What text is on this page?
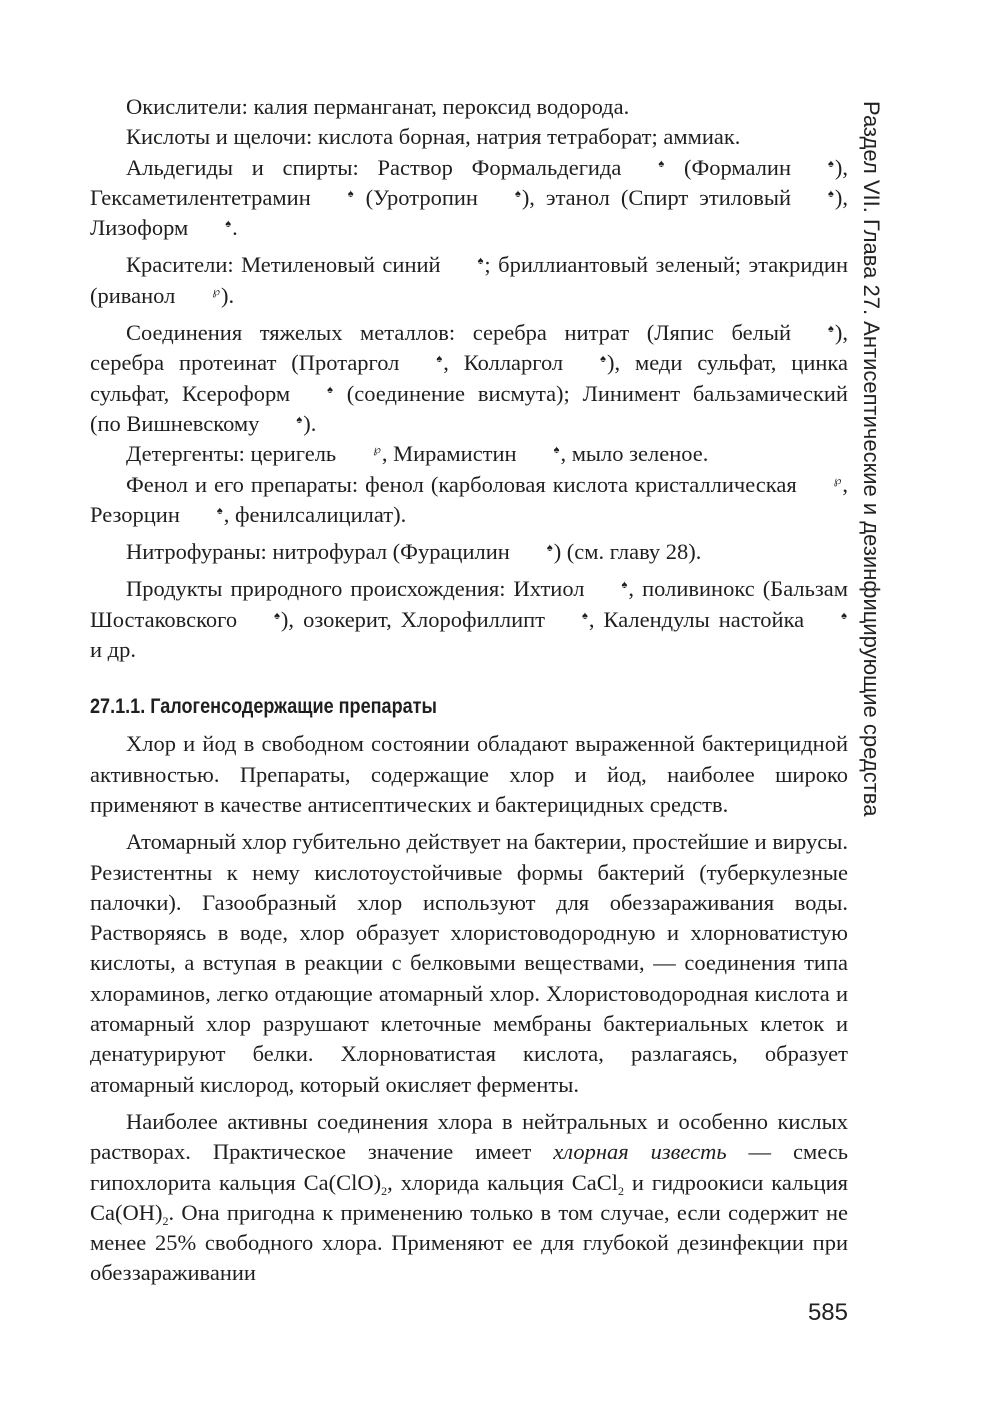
Окислители: калия перманганат, пероксид водорода.

Кислоты и щелочи: кислота борная, натрия тетраборат; аммиак.

Альдегиды и спирты: Раствор Формальдегида	♠ (Формалин	♠), Гексаметилентетрамин	♠ (Уротропин	♠), этанол (Спирт этиловый	♠), Лизоформ	♠.

Красители: Метиленовый синий	♠; бриллиантовый зеленый; этакридин (риванол	℘).

Соединения тяжелых металлов: серебра нитрат (Ляпис белый	♠), серебра протеинат (Протаргол	♠, Колларгол	♠), меди сульфат, цинка сульфат, Ксероформ	♠ (соединение висмута); Линимент бальзамический (по Вишневскому	♠).

Детергенты: церигель	℘, Мирамистин	♠, мыло зеленое.

Фенол и его препараты: фенол (карболовая кислота кристаллическая	℘, Резорцин	♠, фенилсалицилат).

Нитрофураны: нитрофурал (Фурацилин	♠) (см. главу 28).

Продукты природного происхождения: Ихтиол	♠, поливинокс (Бальзам Шостаковского	♠), озокерит, Хлорофиллипт	♠, Календулы настойка	♠ и др.

27.1.1. Галогенсодержащие препараты

Хлор и йод в свободном состоянии обладают выраженной бактерицидной активностью. Препараты, содержащие хлор и йод, наиболее широко применяют в качестве антисептических и бактерицидных средств.

Атомарный хлор губительно действует на бактерии, простейшие и вирусы. Резистентны к нему кислотоустойчивые формы бактерий (туберкулезные палочки). Газообразный хлор используют для обеззараживания воды. Растворяясь в воде, хлор образует хлористоводородную и хлорноватистую кислоты, а вступая в реакции с белковыми веществами, — соединения типа хлораминов, легко отдающие атомарный хлор. Хлористоводородная кислота и атомарный хлор разрушают клеточные мембраны бактериальных клеток и денатурируют белки. Хлорноватистая кислота, разлагаясь, образует атомарный кислород, который окисляет ферменты.

Наиболее активны соединения хлора в нейтральных и особенно кислых растворах. Практическое значение имеет хлорная известь — смесь гипохлорита кальция $Ca(ClO)_2$, хлорида кальция CaCl$_2$ и гидроокиси кальция $Ca(OH)_2$. Она пригодна к применению только в том случае, если содержит не менее 25% свободного хлора. Применяют ее для глубокой дезинфекции при обеззараживании

Раздел VII. Глава 27. Антисептические и дезинфицирующие средства
585
